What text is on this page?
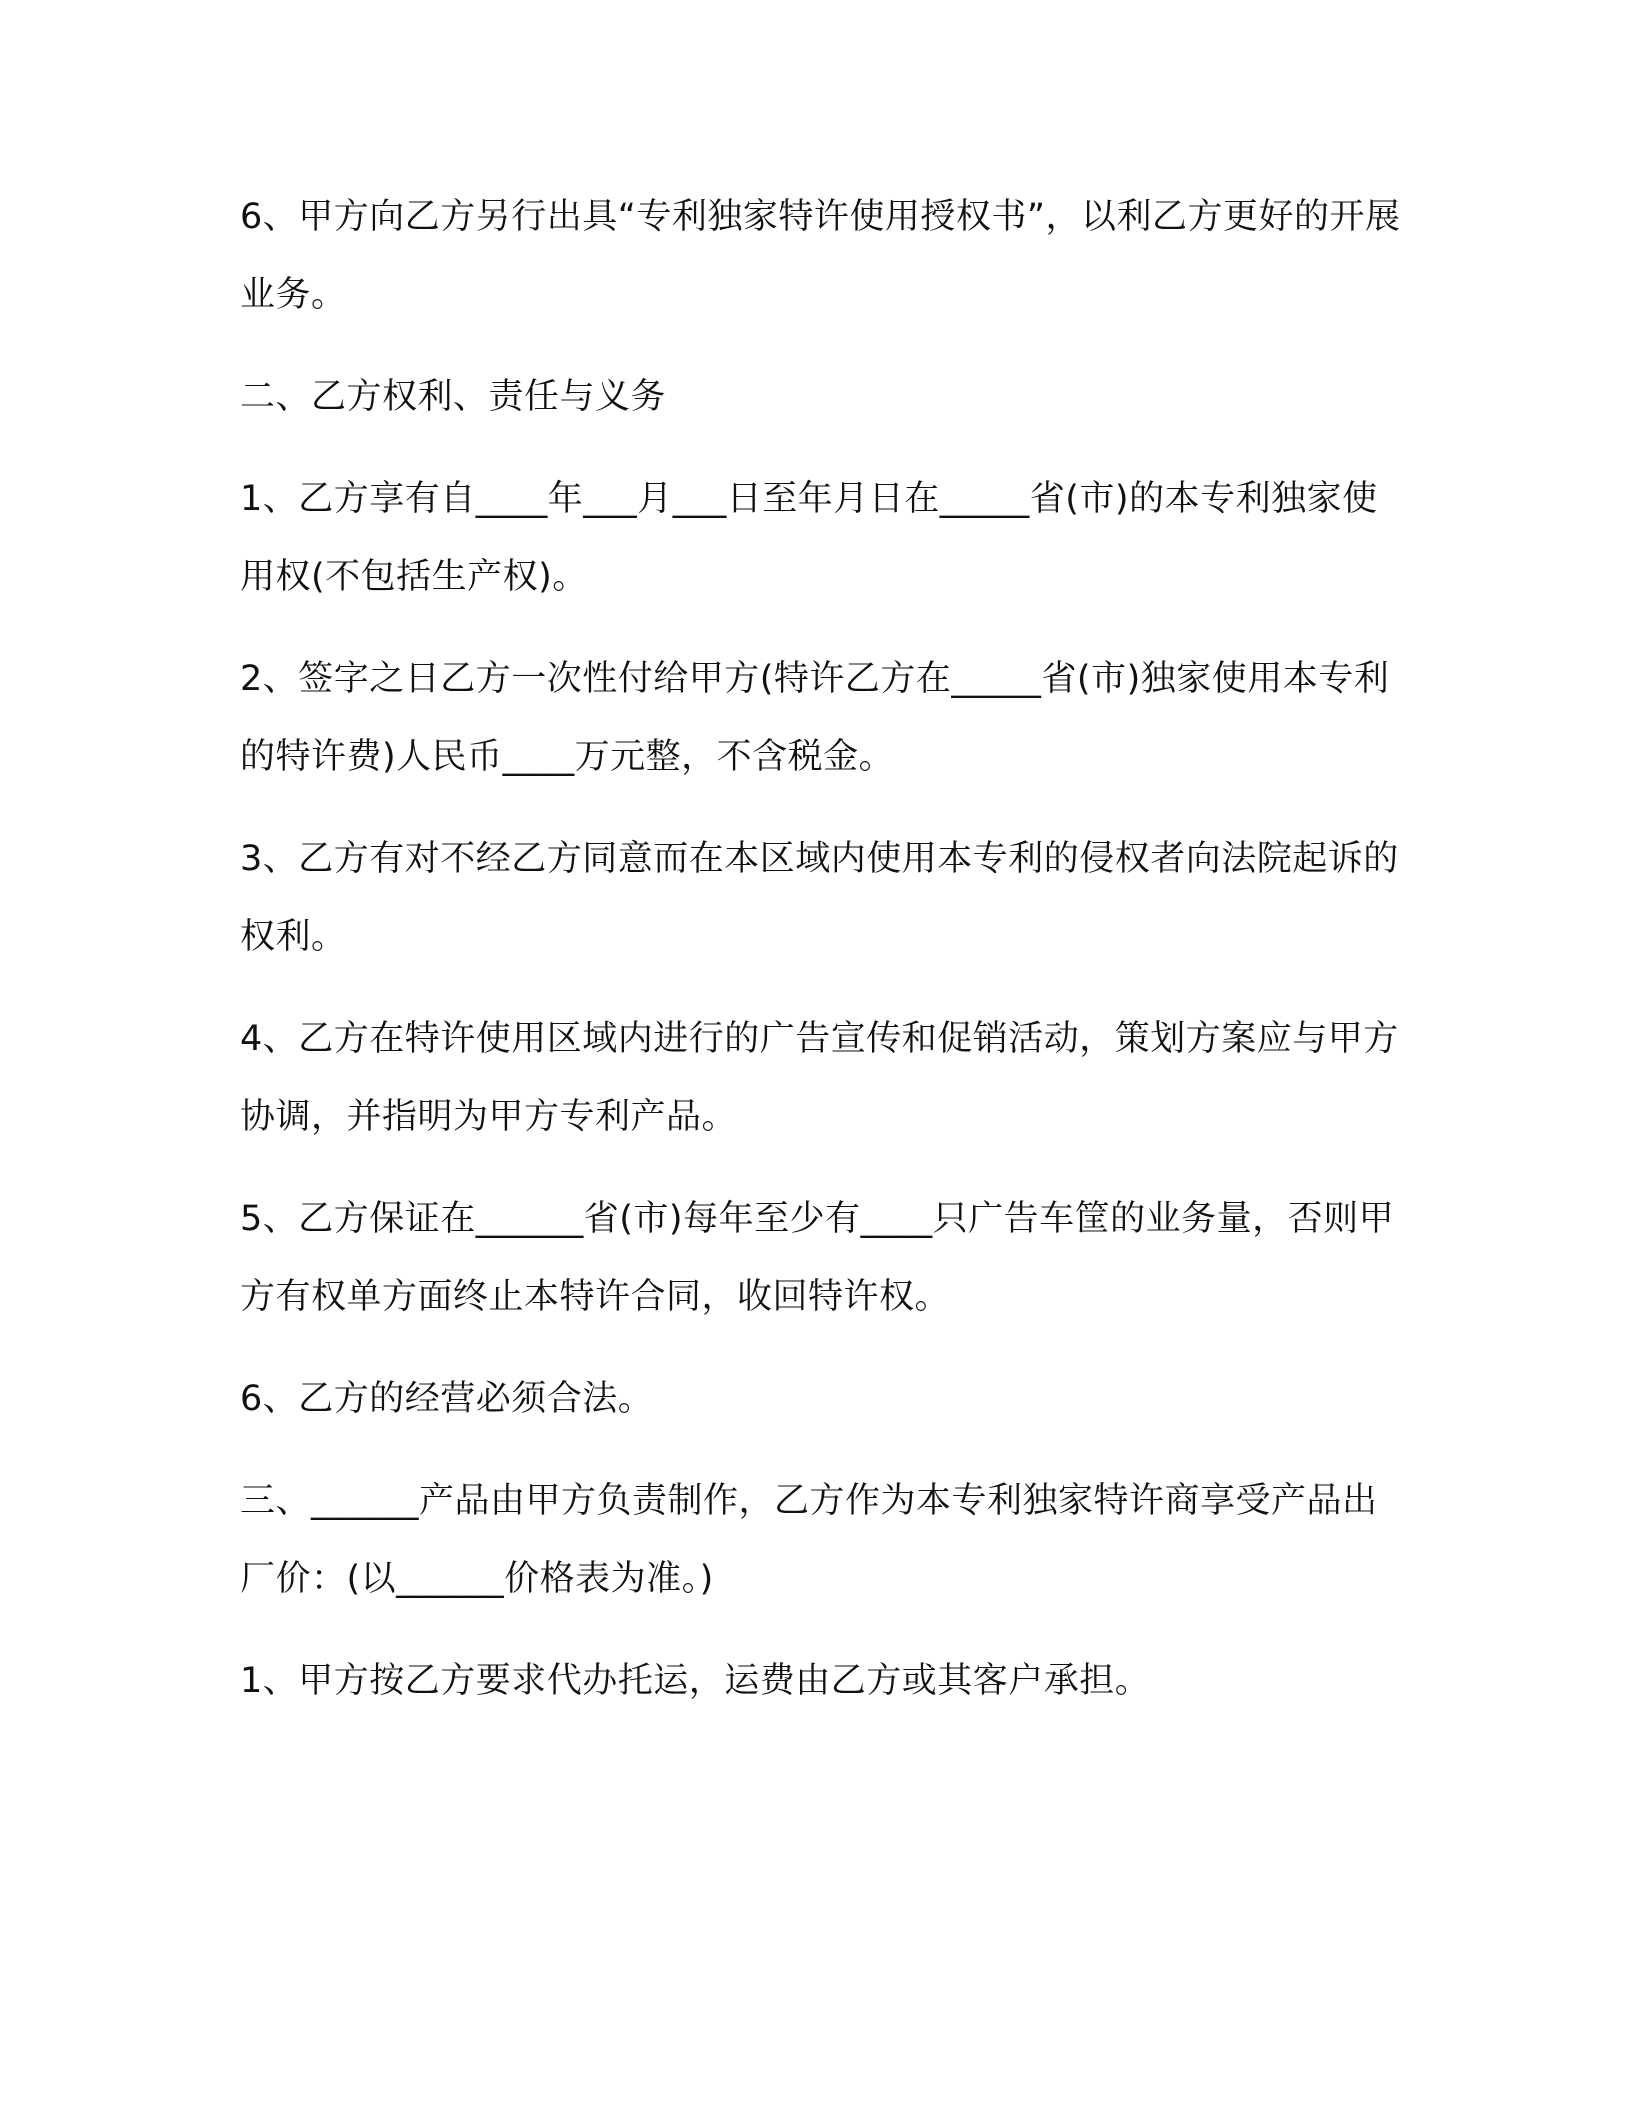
6、甲方向乙方另行出具“专利独家特许使用授权书”，以利乙方更好的开展业务。

二、乙方权利、责任与义务

1、乙方享有自____年___月___日至年月日在_____省(市)的本专利独家使用权(不包括生产权)。

2、签字之日乙方一次性付给甲方(特许乙方在_____省(市)独家使用本专利的特许费)人民币____万元整，不含税金。

3、乙方有对不经乙方同意而在本区域内使用本专利的侵权者向法院起诉的权利。

4、乙方在特许使用区域内进行的广告宣传和促销活动，策划方案应与甲方协调，并指明为甲方专利产品。

5、乙方保证在______省(市)每年至少有____只广告车筐的业务量，否则甲方有权单方面终止本特许合同，收回特许权。

6、乙方的经营必须合法。

三、______产品由甲方负责制作，乙方作为本专利独家特许商享受产品出厂价：(以______价格表为准。)

1、甲方按乙方要求代办托运，运费由乙方或其客户承担。
